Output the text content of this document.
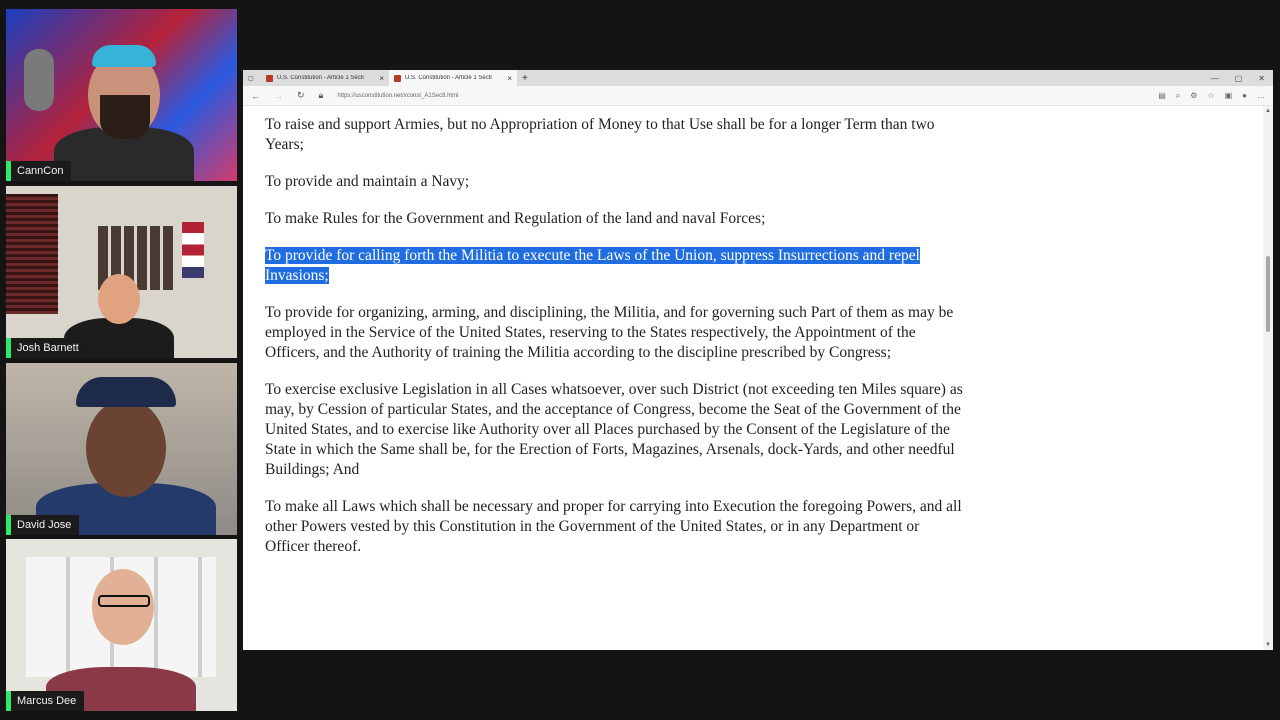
CannCon
Josh Barnett
David Jose
Marcus Dee
▢	U.S. Constitution - Article 1 Secti	×	U.S. Constitution - Article 1 Secti	×	+	— ▢ ✕
← → ↻ 🔒︎ https://usconstitution.net/xconst_A1Sec8.html	▤ ⌕ ⚙ ☆ ▣ ● …

To raise and support Armies, but no Appropriation of Money to that Use shall be for a longer Term than two Years;

To provide and maintain a Navy;

To make Rules for the Government and Regulation of the land and naval Forces;

To provide for calling forth the Militia to execute the Laws of the Union, suppress Insurrections and repel Invasions;

To provide for organizing, arming, and disciplining, the Militia, and for governing such Part of them as may be employed in the Service of the United States, reserving to the States respectively, the Appointment of the Officers, and the Authority of training the Militia according to the discipline prescribed by Congress;

To exercise exclusive Legislation in all Cases whatsoever, over such District (not exceeding ten Miles square) as may, by Cession of particular States, and the acceptance of Congress, become the Seat of the Government of the United States, and to exercise like Authority over all Places purchased by the Consent of the Legislature of the State in which the Same shall be, for the Erection of Forts, Magazines, Arsenals, dock-Yards, and other needful Buildings; And

To make all Laws which shall be necessary and proper for carrying into Execution the foregoing Powers, and all other Powers vested by this Constitution in the Government of the United States, or in any Department or Officer thereof.

▲
▼
